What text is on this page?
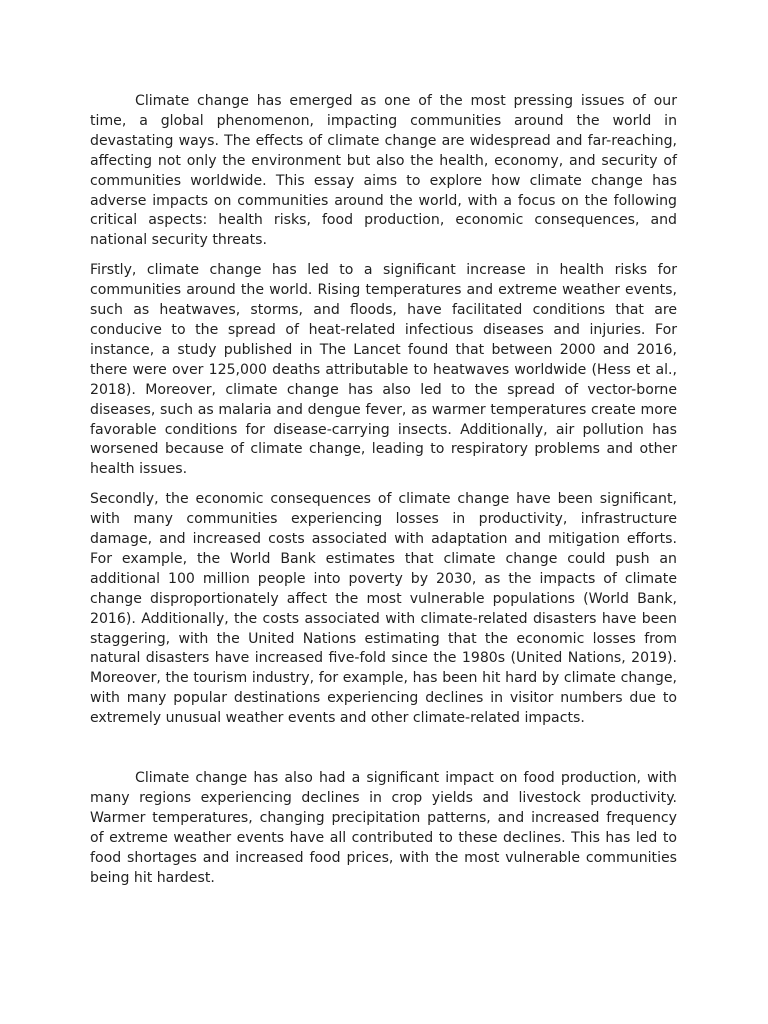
Climate change has emerged as one of the most pressing issues of our time, a global phenomenon, impacting communities around the world in devastating ways. The effects of climate change are widespread and far-reaching, affecting not only the environment but also the health, economy, and security of communities worldwide. This essay aims to explore how climate change has adverse impacts on communities around the world, with a focus on the following critical aspects: health risks, food production, economic consequences, and national security threats.

Firstly, climate change has led to a significant increase in health risks for communities around the world. Rising temperatures and extreme weather events, such as heatwaves, storms, and floods, have facilitated conditions that are conducive to the spread of heat-related infectious diseases and injuries. For instance, a study published in The Lancet found that between 2000 and 2016, there were over 125,000 deaths attributable to heatwaves worldwide (Hess et al., 2018). Moreover, climate change has also led to the spread of vector-borne diseases, such as malaria and dengue fever, as warmer temperatures create more favorable conditions for disease-carrying insects. Additionally, air pollution has worsened because of climate change, leading to respiratory problems and other health issues.

Secondly, the economic consequences of climate change have been significant, with many communities experiencing losses in productivity, infrastructure damage, and increased costs associated with adaptation and mitigation efforts. For example, the World Bank estimates that climate change could push an additional 100 million people into poverty by 2030, as the impacts of climate change disproportionately affect the most vulnerable populations (World Bank, 2016). Additionally, the costs associated with climate-related disasters have been staggering, with the United Nations estimating that the economic losses from natural disasters have increased five-fold since the 1980s (United Nations, 2019). Moreover, the tourism industry, for example, has been hit hard by climate change, with many popular destinations experiencing declines in visitor numbers due to extremely unusual weather events and other climate-related impacts.

Climate change has also had a significant impact on food production, with many regions experiencing declines in crop yields and livestock productivity. Warmer temperatures, changing precipitation patterns, and increased frequency of extreme weather events have all contributed to these declines. This has led to food shortages and increased food prices, with the most vulnerable communities being hit hardest.
